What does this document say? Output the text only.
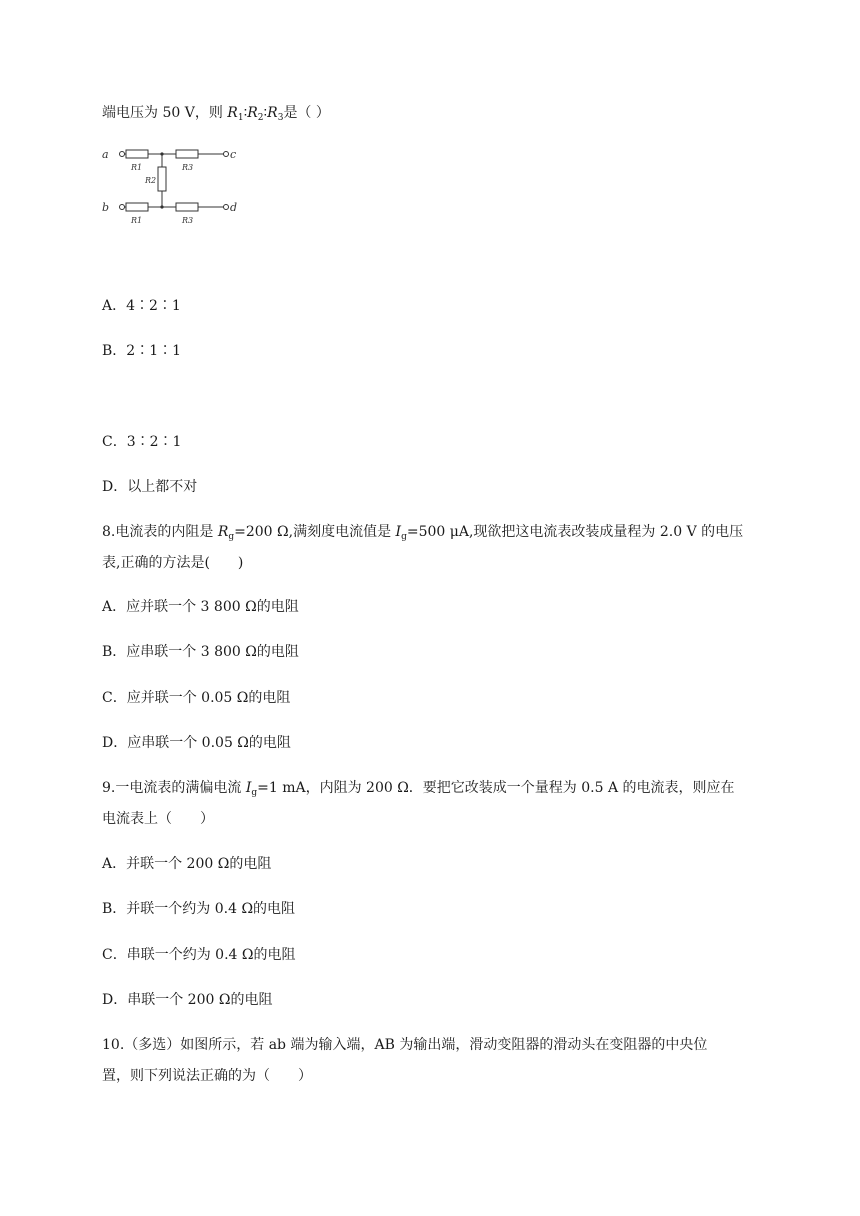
端电压为 50 V，则 $R_1∶R_2∶R_3$是（ ）
a
b
c
d
R1	R3
R2
R1	R3
A．4∶2∶1
B．2∶1∶1
C．3∶2∶1
D．以上都不对
8.电流表的内阻是 $R_g=200$ Ω,满刻度电流值是 $I_g=500$ μA,现欲把这电流表改装成量程为 2.0 V 的电压
表,正确的方法是(　　)
A．应并联一个 3 800 Ω的电阻
B．应串联一个 3 800 Ω的电阻
C．应并联一个 0.05 Ω的电阻
D．应串联一个 0.05 Ω的电阻
9.一电流表的满偏电流 $I_g=1$ mA，内阻为 200 Ω．要把它改装成一个量程为 0.5 A 的电流表，则应在
电流表上（　　）
A．并联一个 200 Ω的电阻
B．并联一个约为 0.4 Ω的电阻
C．串联一个约为 0.4 Ω的电阻
D．串联一个 200 Ω的电阻
10.（多选）如图所示，若 ab 端为输入端，AB 为输出端，滑动变阻器的滑动头在变阻器的中央位
置，则下列说法正确的为（　　）
